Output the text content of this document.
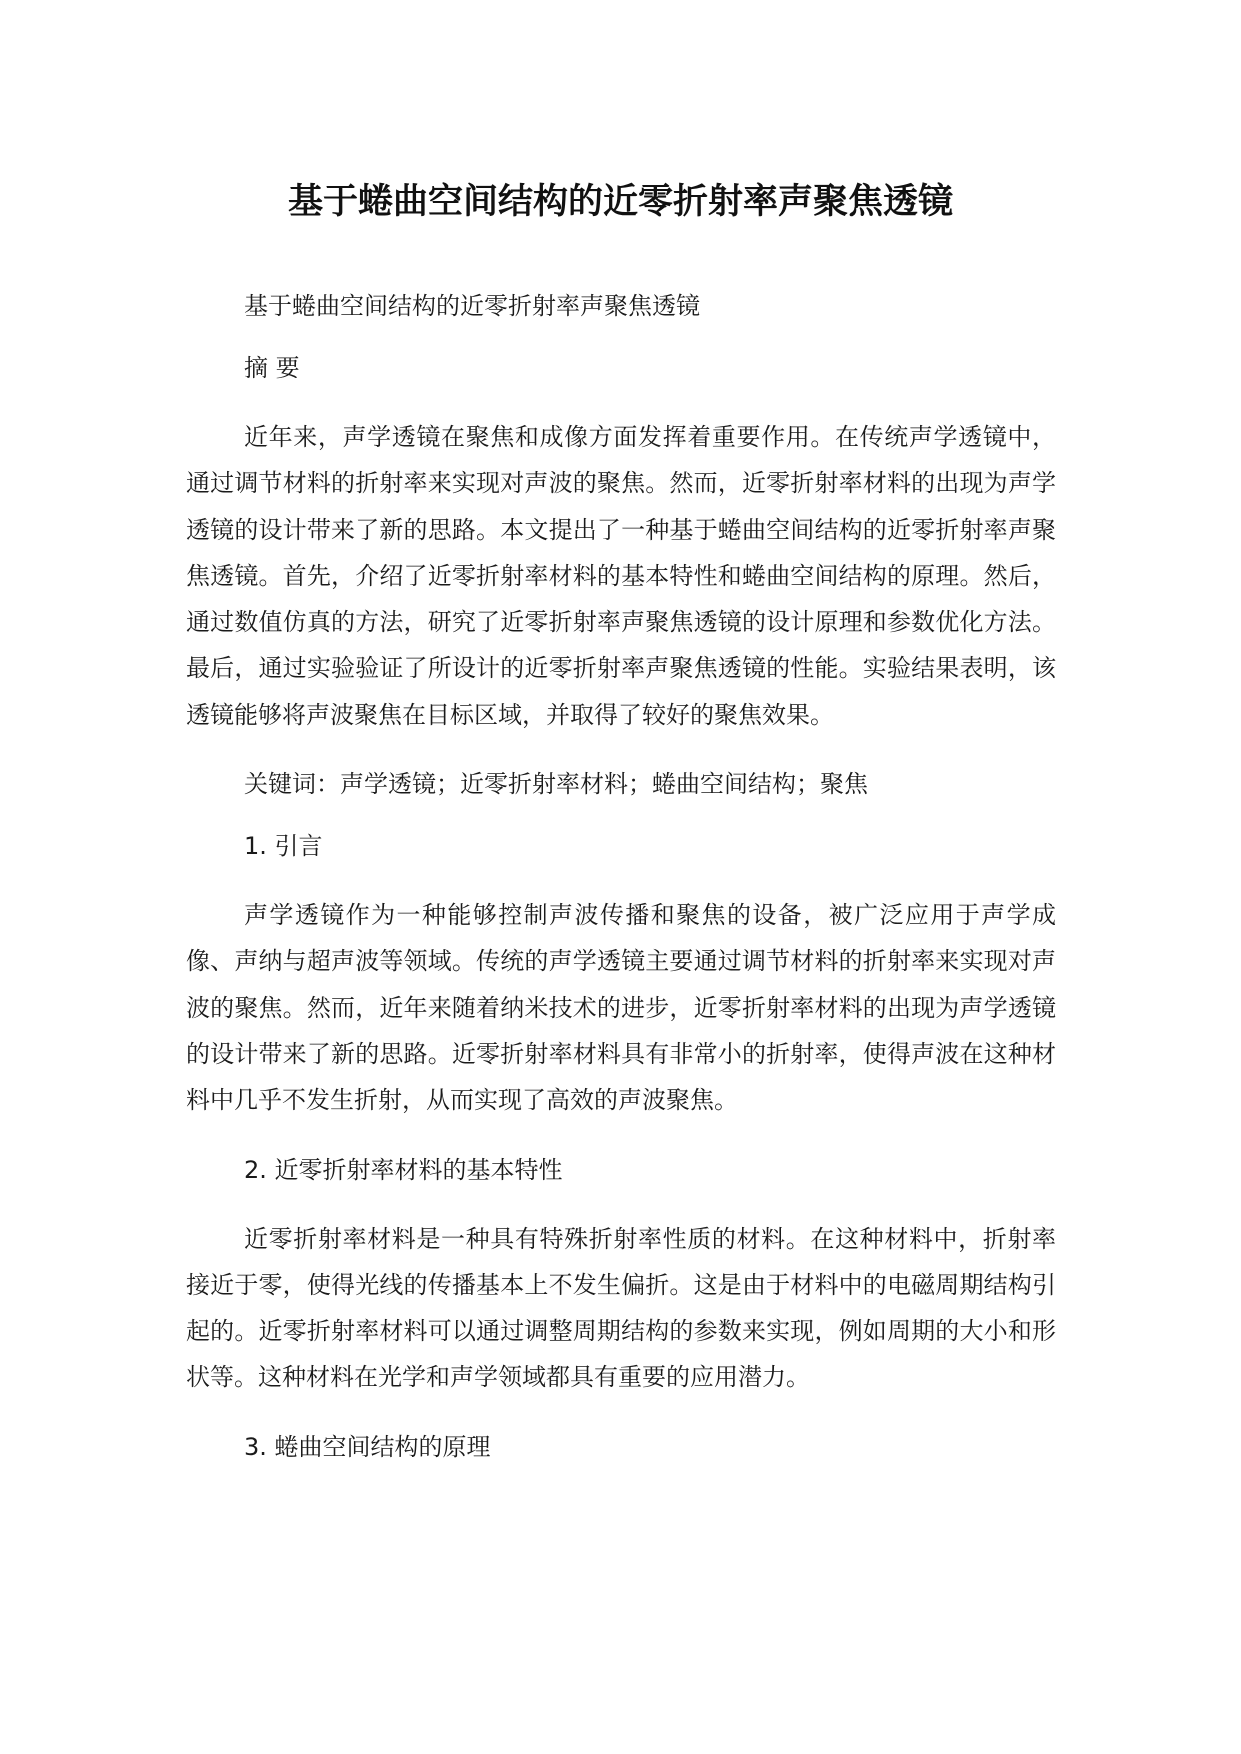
基于蜷曲空间结构的近零折射率声聚焦透镜

基于蜷曲空间结构的近零折射率声聚焦透镜

摘 要

近年来，声学透镜在聚焦和成像方面发挥着重要作用。在传统声学透镜中，通过调节材料的折射率来实现对声波的聚焦。然而，近零折射率材料的出现为声学透镜的设计带来了新的思路。本文提出了一种基于蜷曲空间结构的近零折射率声聚焦透镜。首先，介绍了近零折射率材料的基本特性和蜷曲空间结构的原理。然后，通过数值仿真的方法，研究了近零折射率声聚焦透镜的设计原理和参数优化方法。最后，通过实验验证了所设计的近零折射率声聚焦透镜的性能。实验结果表明，该透镜能够将声波聚焦在目标区域，并取得了较好的聚焦效果。

关键词：声学透镜；近零折射率材料；蜷曲空间结构；聚焦

1. 引言

声学透镜作为一种能够控制声波传播和聚焦的设备，被广泛应用于声学成像、声纳与超声波等领域。传统的声学透镜主要通过调节材料的折射率来实现对声波的聚焦。然而，近年来随着纳米技术的进步，近零折射率材料的出现为声学透镜的设计带来了新的思路。近零折射率材料具有非常小的折射率，使得声波在这种材料中几乎不发生折射，从而实现了高效的声波聚焦。

2. 近零折射率材料的基本特性

近零折射率材料是一种具有特殊折射率性质的材料。在这种材料中，折射率接近于零，使得光线的传播基本上不发生偏折。这是由于材料中的电磁周期结构引起的。近零折射率材料可以通过调整周期结构的参数来实现，例如周期的大小和形状等。这种材料在光学和声学领域都具有重要的应用潜力。

3. 蜷曲空间结构的原理
